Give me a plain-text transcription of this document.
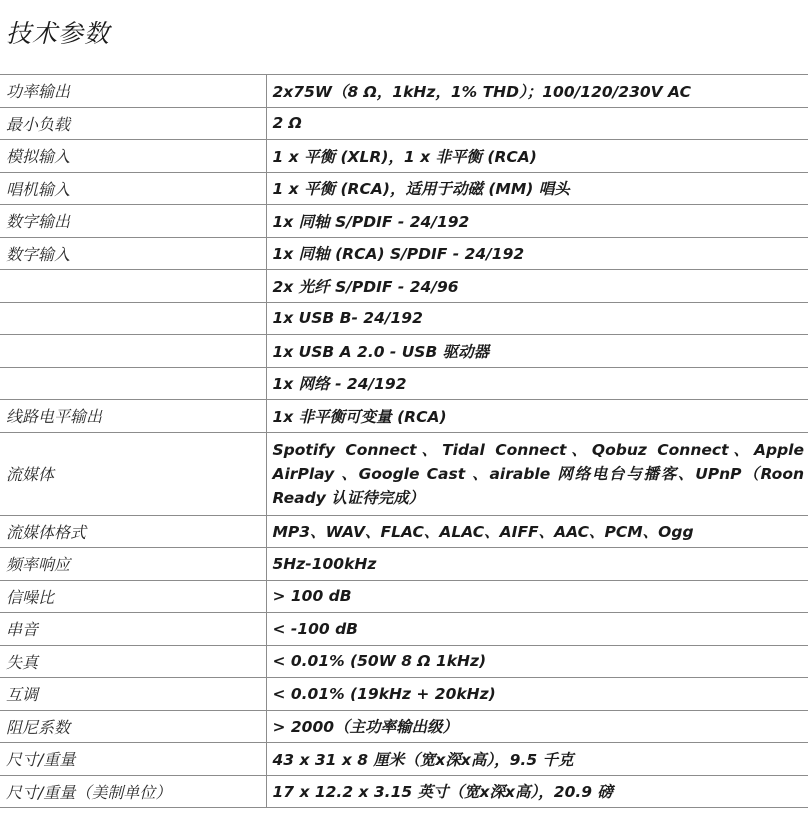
技术参数
功率输出	2x75W（8 Ω，1kHz，1% THD）；100/120/230V AC
最小负载	2 Ω
模拟输入	1 x 平衡 (XLR)，1 x 非平衡 (RCA)
唱机输入	1 x 平衡 (RCA)，适用于动磁 (MM) 唱头
数字输出	1x 同轴 S/PDIF - 24/192
数字输入	1x 同轴 (RCA) S/PDIF - 24/192
	2x 光纤 S/PDIF - 24/96
	1x USB B- 24/192
	1x USB A 2.0 - USB 驱动器
	1x 网络 - 24/192
线路电平输出	1x 非平衡可变量 (RCA)
流媒体	Spotify Connect、Tidal Connect、Qobuz Connect、Apple AirPlay 、Google Cast 、airable 网络电台与播客、UPnP（Roon Ready 认证待完成）
流媒体格式	MP3、WAV、FLAC、ALAC、AIFF、AAC、PCM、Ogg
频率响应	5Hz-100kHz
信噪比	> 100 dB
串音	< -100 dB
失真	< 0.01% (50W 8 Ω 1kHz)
互调	< 0.01% (19kHz + 20kHz)
阻尼系数	> 2000（主功率输出级）
尺寸/重量	43 x 31 x 8 厘米（宽x深x高），9.5 千克
尺寸/重量（美制单位）	17 x 12.2 x 3.15 英寸（宽x深x高），20.9 磅
